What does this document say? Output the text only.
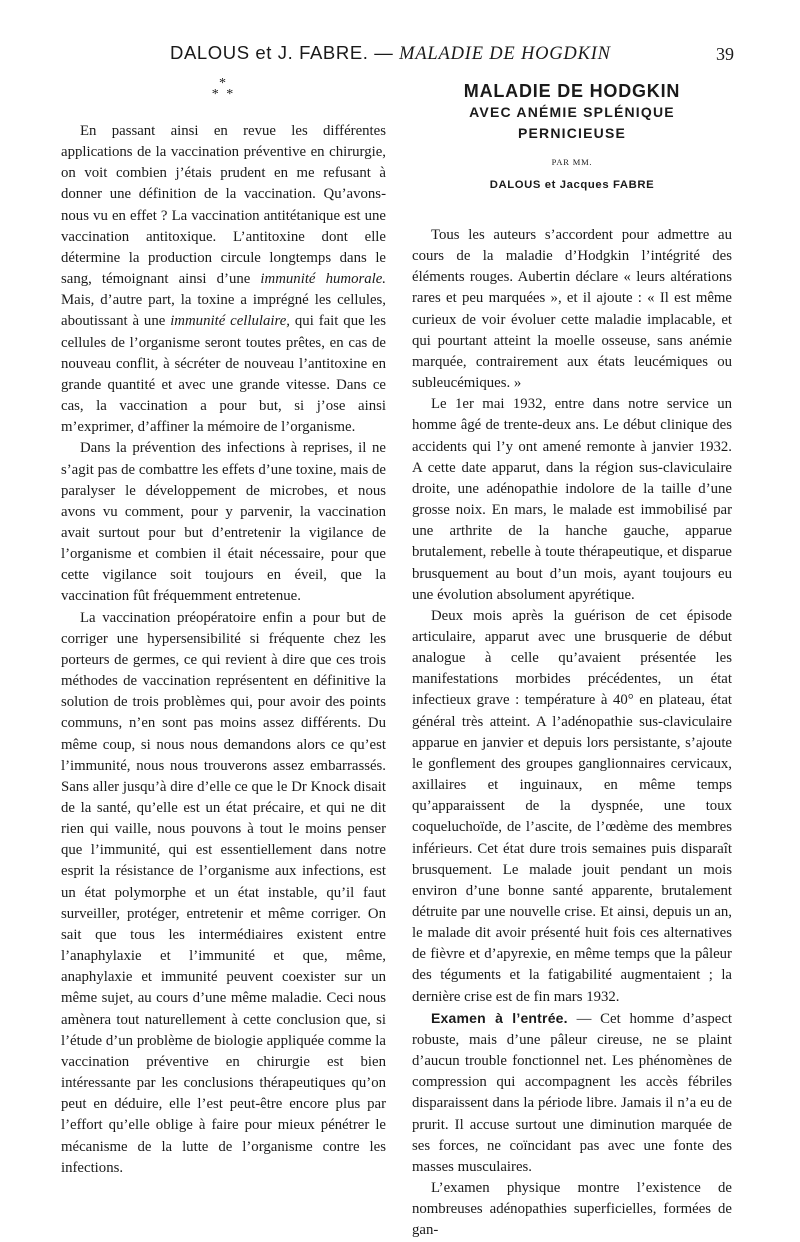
DALOUS et J. FABRE. — MALADIE DE HOGDKIN	39
*
* *

En passant ainsi en revue les différentes applications de la vaccination préventive en chirurgie, on voit combien j’étais prudent en me refusant à donner une définition de la vaccination. Qu’avons-nous vu en effet ? La vaccination antitétanique est une vaccination antitoxique. L’antitoxine dont elle détermine la production circule longtemps dans le sang, témoignant ainsi d’une immunité humorale. Mais, d’autre part, la toxine a imprégné les cellules, aboutissant à une immunité cellulaire, qui fait que les cellules de l’organisme seront toutes prêtes, en cas de nouveau conflit, à sécréter de nouveau l’antitoxine en grande quantité et avec une grande vitesse. Dans ce cas, la vaccination a pour but, si j’ose ainsi m’exprimer, d’affiner la mémoire de l’organisme.

Dans la prévention des infections à reprises, il ne s’agit pas de combattre les effets d’une toxine, mais de paralyser le développement de microbes, et nous avons vu comment, pour y parvenir, la vaccination avait surtout pour but d’entretenir la vigilance de l’organisme et combien il était nécessaire, pour que cette vigilance soit toujours en éveil, que la vaccination fût fréquemment entretenue.

La vaccination préopératoire enfin a pour but de corriger une hypersensibilité si fréquente chez les porteurs de germes, ce qui revient à dire que ces trois méthodes de vaccination représentent en définitive la solution de trois problèmes qui, pour avoir des points communs, n’en sont pas moins assez différents. Du même coup, si nous nous demandons alors ce qu’est l’immunité, nous nous trouverons assez embarrassés. Sans aller jusqu’à dire d’elle ce que le Dr Knock disait de la santé, qu’elle est un état précaire, et qui ne dit rien qui vaille, nous pouvons à tout le moins penser que l’immunité, qui est essentiellement dans notre esprit la résistance de l’organisme aux infections, est un état polymorphe et un état instable, qu’il faut surveiller, protéger, entretenir et même corriger. On sait que tous les intermédiaires existent entre l’anaphylaxie et l’immunité et que, même, anaphylaxie et immunité peuvent coexister sur un même sujet, au cours d’une même maladie. Ceci nous amènera tout naturellement à cette conclusion que, si l’étude d’un problème de biologie appliquée comme la vaccination préventive en chirurgie est bien intéressante par les conclusions thérapeutiques qu’on peut en déduire, elle l’est peut-être encore plus par l’effort qu’elle oblige à faire pour mieux pénétrer le mécanisme de la lutte de l’organisme contre les infections.

MALADIE DE HODGKIN
AVEC ANÉMIE SPLÉNIQUE
PERNICIEUSE
PAR MM.
DALOUS et Jacques FABRE

Tous les auteurs s’accordent pour admettre au cours de la maladie d’Hodgkin l’intégrité des éléments rouges. Aubertin déclare « leurs altérations rares et peu marquées », et il ajoute : « Il est même curieux de voir évoluer cette maladie implacable, et qui pourtant atteint la moelle osseuse, sans anémie marquée, contrairement aux états leucémiques ou subleucémiques. »

Le 1er mai 1932, entre dans notre service un homme âgé de trente-deux ans. Le début clinique des accidents qui l’y ont amené remonte à janvier 1932. A cette date apparut, dans la région sus-claviculaire droite, une adénopathie indolore de la taille d’une grosse noix. En mars, le malade est immobilisé par une arthrite de la hanche gauche, apparue brutalement, rebelle à toute thérapeutique, et disparue brusquement au bout d’un mois, ayant toujours eu une évolution absolument apyrétique.

Deux mois après la guérison de cet épisode articulaire, apparut avec une brusquerie de début analogue à celle qu’avaient présentée les manifestations morbides précédentes, un état infectieux grave : température à 40° en plateau, état général très atteint. A l’adénopathie sus-claviculaire apparue en janvier et depuis lors persistante, s’ajoute le gonflement des groupes ganglionnaires cervicaux, axillaires et inguinaux, en même temps qu’apparaissent de la dyspnée, une toux coqueluchoïde, de l’ascite, de l’œdème des membres inférieurs. Cet état dure trois semaines puis disparaît brusquement. Le malade jouit pendant un mois environ d’une bonne santé apparente, brutalement détruite par une nouvelle crise. Et ainsi, depuis un an, le malade dit avoir présenté huit fois ces alternatives de fièvre et d’apyrexie, en même temps que la pâleur des téguments et la fatigabilité augmentaient ; la dernière crise est de fin mars 1932.

Examen à l’entrée. — Cet homme d’aspect robuste, mais d’une pâleur cireuse, ne se plaint d’aucun trouble fonctionnel net. Les phénomènes de compression qui accompagnent les accès fébriles disparaissent dans la période libre. Jamais il n’a eu de prurit. Il accuse surtout une diminution marquée de ses forces, ne coïncidant pas avec une fonte des masses musculaires.

L’examen physique montre l’existence de nombreuses adénopathies superficielles, formées de gan-
